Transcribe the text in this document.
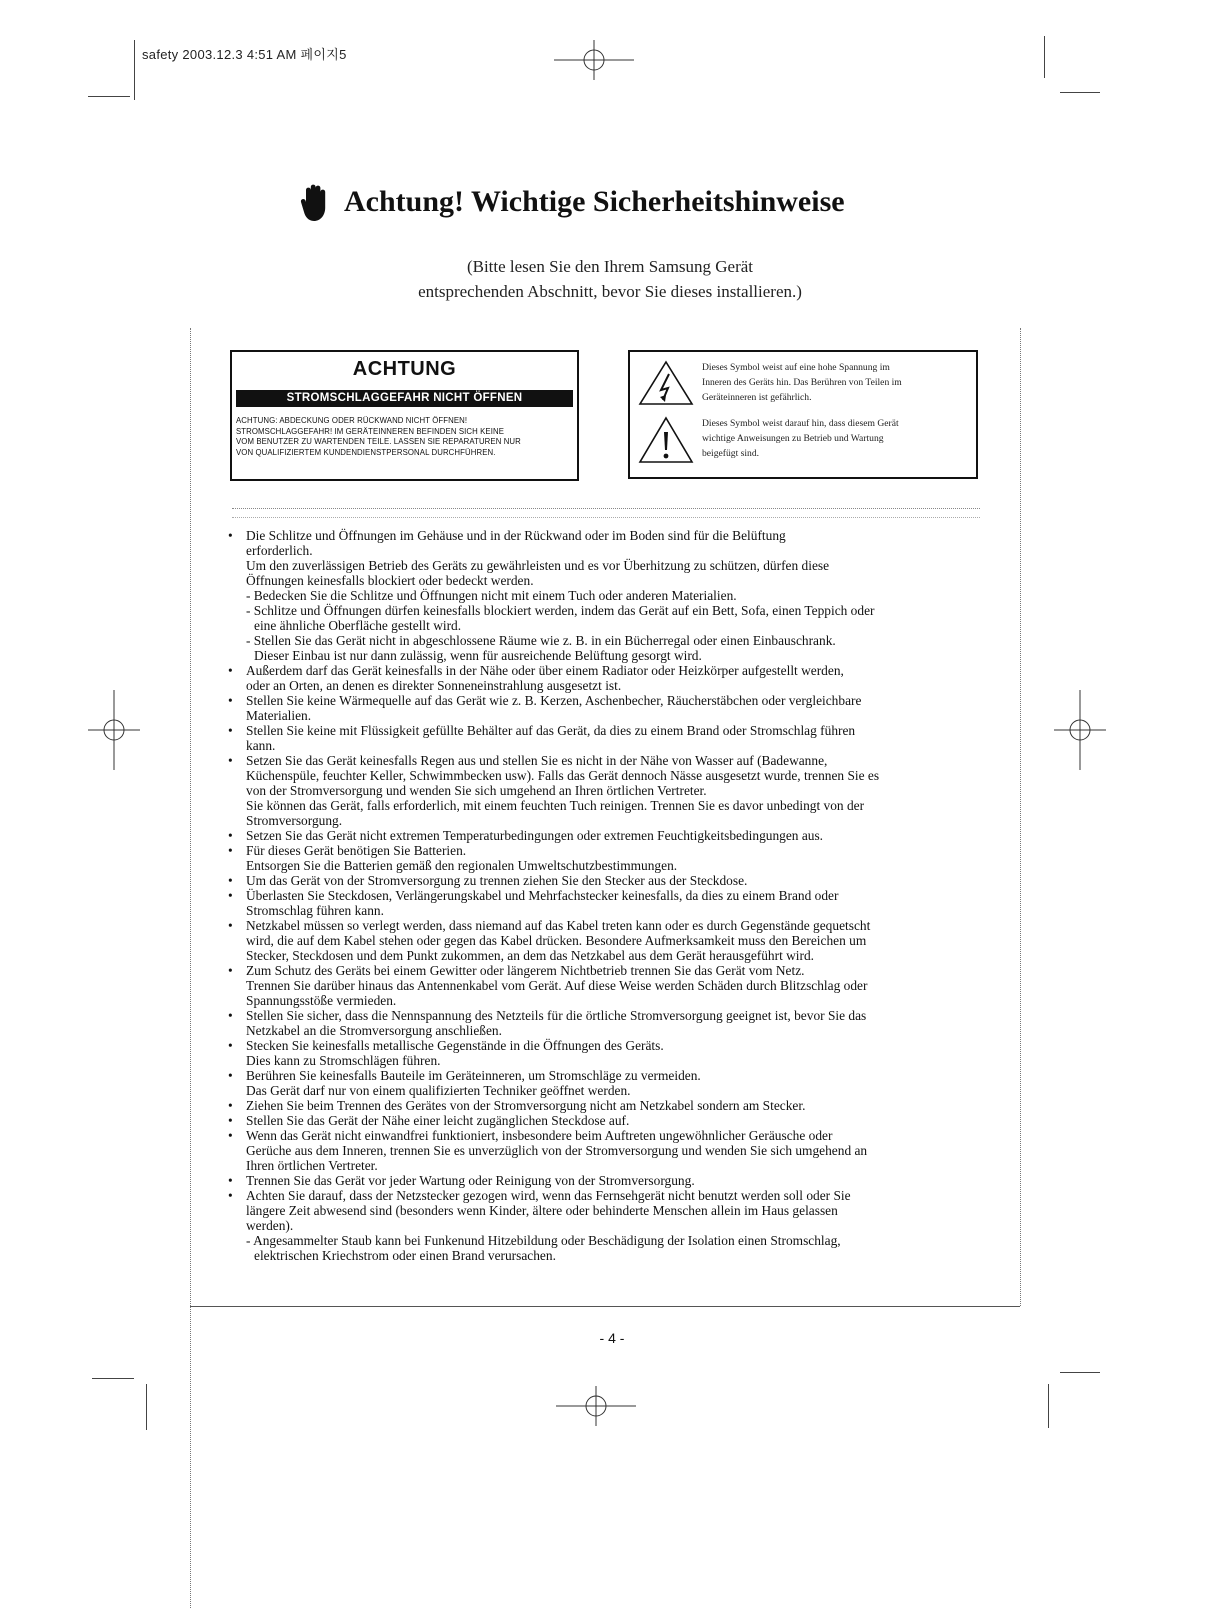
safety 2003.12.3 4:51 AM 페이지5
Achtung! Wichtige Sicherheitshinweise
(Bitte lesen Sie den Ihrem Samsung Gerät
entsprechenden Abschnitt, bevor Sie dieses installieren.)
ACHTUNG
STROMSCHLAGGEFAHR NICHT ÖFFNEN
ACHTUNG: ABDECKUNG ODER RÜCKWAND NICHT ÖFFNEN!
STROMSCHLAGGEFAHR! IM GERÄTEINNEREN BEFINDEN SICH KEINE
VOM BENUTZER ZU WARTENDEN TEILE. LASSEN SIE REPARATUREN NUR
VON QUALIFIZIERTEM KUNDENDIENSTPERSONAL DURCHFÜHREN.
Dieses Symbol weist auf eine hohe Spannung im
Inneren des Geräts hin. Das Berühren von Teilen im
Geräteinneren ist gefährlich.
Dieses Symbol weist darauf hin, dass diesem Gerät
wichtige Anweisungen zu Betrieb und Wartung
beigefügt sind.
• Die Schlitze und Öffnungen im Gehäuse und in der Rückwand oder im Boden sind für die Belüftung
erforderlich.
Um den zuverlässigen Betrieb des Geräts zu gewährleisten und es vor Überhitzung zu schützen, dürfen diese
Öffnungen keinesfalls blockiert oder bedeckt werden.
- Bedecken Sie die Schlitze und Öffnungen nicht mit einem Tuch oder anderen Materialien.
- Schlitze und Öffnungen dürfen keinesfalls blockiert werden, indem das Gerät auf ein Bett, Sofa, einen Teppich oder
eine ähnliche Oberfläche gestellt wird.
- Stellen Sie das Gerät nicht in abgeschlossene Räume wie z. B. in ein Bücherregal oder einen Einbauschrank.
Dieser Einbau ist nur dann zulässig, wenn für ausreichende Belüftung gesorgt wird.
• Außerdem darf das Gerät keinesfalls in der Nähe oder über einem Radiator oder Heizkörper aufgestellt werden,
oder an Orten, an denen es direkter Sonneneinstrahlung ausgesetzt ist.
• Stellen Sie keine Wärmequelle auf das Gerät wie z. B. Kerzen, Aschenbecher, Räucherstäbchen oder vergleichbare
Materialien.
• Stellen Sie keine mit Flüssigkeit gefüllte Behälter auf das Gerät, da dies zu einem Brand oder Stromschlag führen
kann.
• Setzen Sie das Gerät keinesfalls Regen aus und stellen Sie es nicht in der Nähe von Wasser auf (Badewanne,
Küchenspüle, feuchter Keller, Schwimmbecken usw). Falls das Gerät dennoch Nässe ausgesetzt wurde, trennen Sie es
von der Stromversorgung und wenden Sie sich umgehend an Ihren örtlichen Vertreter.
Sie können das Gerät, falls erforderlich, mit einem feuchten Tuch reinigen. Trennen Sie es davor unbedingt von der
Stromversorgung.
• Setzen Sie das Gerät nicht extremen Temperaturbedingungen oder extremen Feuchtigkeitsbedingungen aus.
• Für dieses Gerät benötigen Sie Batterien.
Entsorgen Sie die Batterien gemäß den regionalen Umweltschutzbestimmungen.
• Um das Gerät von der Stromversorgung zu trennen ziehen Sie den Stecker aus der Steckdose.
• Überlasten Sie Steckdosen, Verlängerungskabel und Mehrfachstecker keinesfalls, da dies zu einem Brand oder
Stromschlag führen kann.
• Netzkabel müssen so verlegt werden, dass niemand auf das Kabel treten kann oder es durch Gegenstände gequetscht
wird, die auf dem Kabel stehen oder gegen das Kabel drücken. Besondere Aufmerksamkeit muss den Bereichen um
Stecker, Steckdosen und dem Punkt zukommen, an dem das Netzkabel aus dem Gerät herausgeführt wird.
• Zum Schutz des Geräts bei einem Gewitter oder längerem Nichtbetrieb trennen Sie das Gerät vom Netz.
Trennen Sie darüber hinaus das Antennenkabel vom Gerät. Auf diese Weise werden Schäden durch Blitzschlag oder
Spannungsstöße vermieden.
• Stellen Sie sicher, dass die Nennspannung des Netzteils für die örtliche Stromversorgung geeignet ist, bevor Sie das
Netzkabel an die Stromversorgung anschließen.
• Stecken Sie keinesfalls metallische Gegenstände in die Öffnungen des Geräts.
Dies kann zu Stromschlägen führen.
• Berühren Sie keinesfalls Bauteile im Geräteinneren, um Stromschläge zu vermeiden.
Das Gerät darf nur von einem qualifizierten Techniker geöffnet werden.
• Ziehen Sie beim Trennen des Gerätes von der Stromversorgung nicht am Netzkabel sondern am Stecker.
• Stellen Sie das Gerät der Nähe einer leicht zugänglichen Steckdose auf.
• Wenn das Gerät nicht einwandfrei funktioniert, insbesondere beim Auftreten ungewöhnlicher Geräusche oder
Gerüche aus dem Inneren, trennen Sie es unverzüglich von der Stromversorgung und wenden Sie sich umgehend an
Ihren örtlichen Vertreter.
• Trennen Sie das Gerät vor jeder Wartung oder Reinigung von der Stromversorgung.
• Achten Sie darauf, dass der Netzstecker gezogen wird, wenn das Fernsehgerät nicht benutzt werden soll oder Sie
längere Zeit abwesend sind (besonders wenn Kinder, ältere oder behinderte Menschen allein im Haus gelassen
werden).
- Angesammelter Staub kann bei Funkenund Hitzebildung oder Beschädigung der Isolation einen Stromschlag,
elektrischen Kriechstrom oder einen Brand verursachen.
- 4 -
